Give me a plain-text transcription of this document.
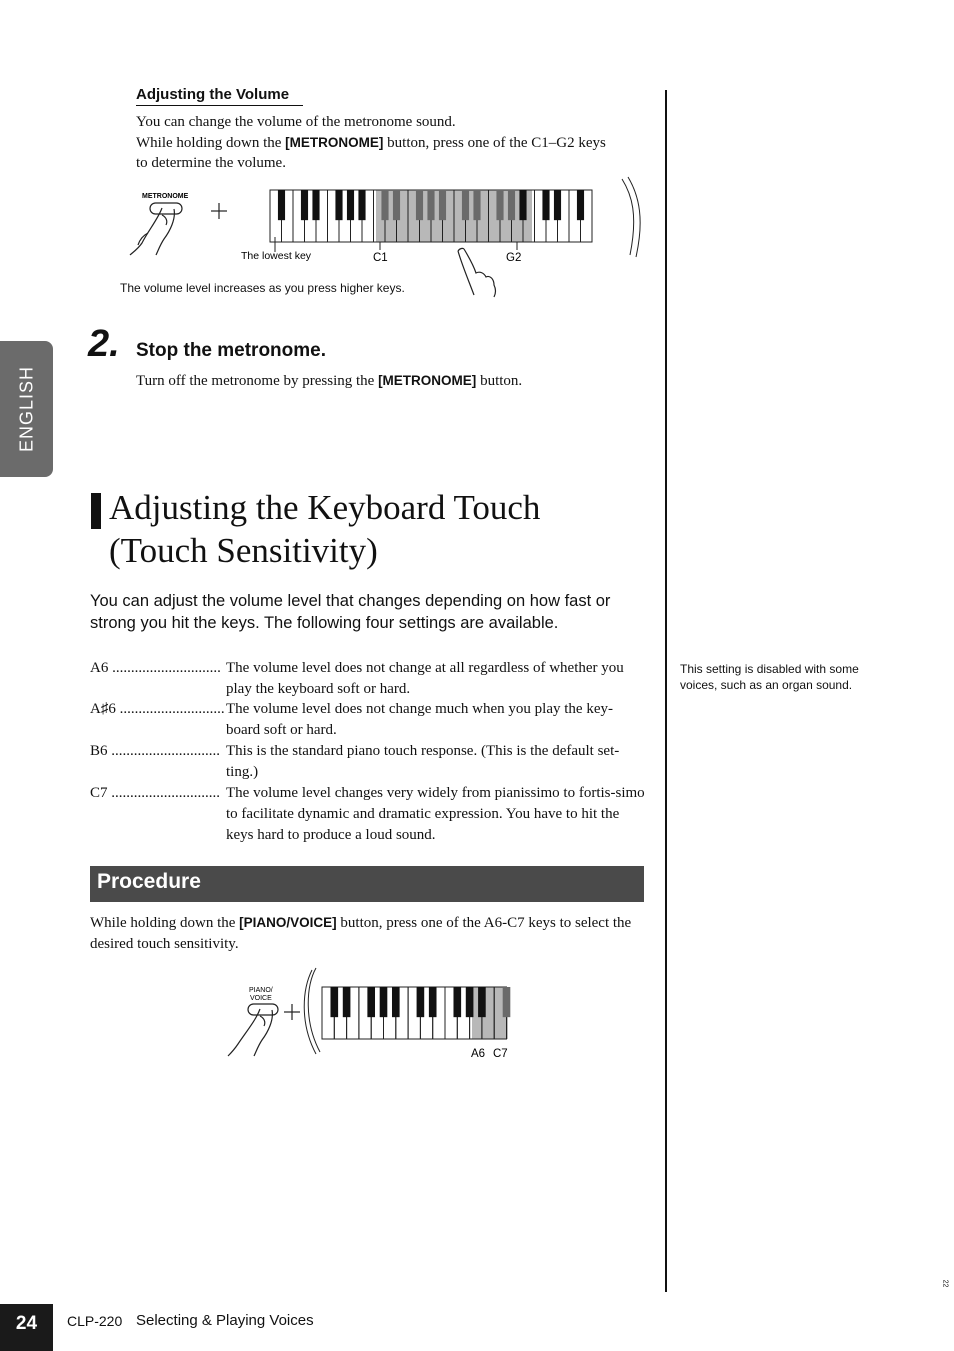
Adjusting the Volume
You can change the volume of the metronome sound.
While holding down the [METRONOME] button, press one of the C1–G2 keys
to determine the volume.
METRONOME
The lowest key	C1	G2
The volume level increases as you press higher keys.
2. Stop the metronome.
Turn off the metronome by pressing the [METRONOME] button.
ENGLISH
Adjusting the Keyboard Touch
(Touch Sensitivity)
You can adjust the volume level that changes depending on how fast or strong you hit the keys. The following four settings are available.
A6 ............................. The volume level does not change at all regardless of whether you play the keyboard soft or hard.
A♯6 ............................ The volume level does not change much when you play the key-board soft or hard.
B6 ............................. This is the standard piano touch response. (This is the default set-ting.)
C7 ............................. The volume level changes very widely from pianissimo to fortis-simo to facilitate dynamic and dramatic expression. You have to hit the keys hard to produce a loud sound.
Procedure
While holding down the [PIANO/VOICE] button, press one of the A6-C7 keys to select the desired touch sensitivity.
PIANO/
VOICE
A6 C7
This setting is disabled with some voices, such as an organ sound.
24	CLP-220 Selecting & Playing Voices
22
